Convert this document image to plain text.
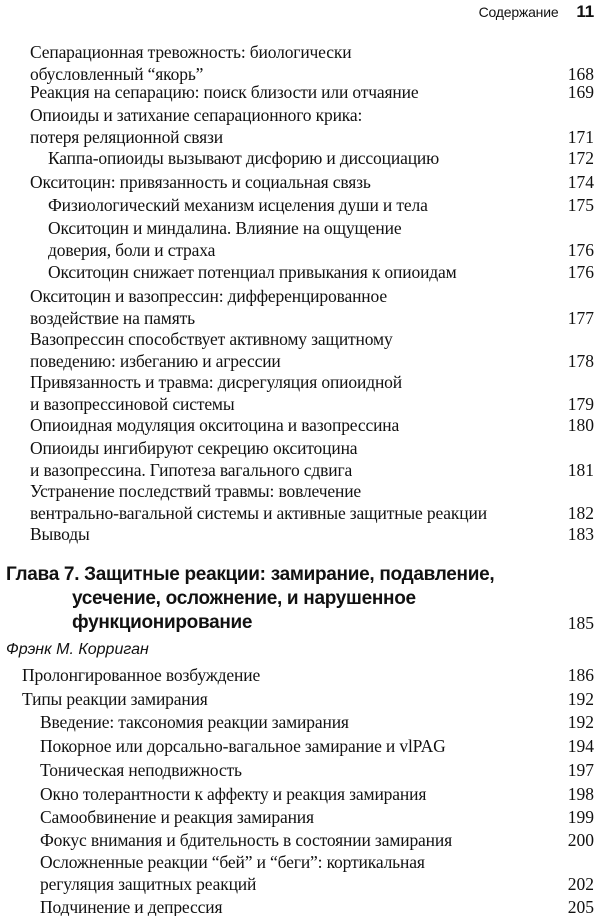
Содержание 11
Сепарационная тревожность: биологически
обусловленный “якорь”	168
Реакция на сепарацию: поиск близости или отчаяние	169
Опиоиды и затихание сепарационного крика:
потеря реляционной связи	171
Каппа-опиоиды вызывают дисфорию и диссоциацию	172
Окситоцин: привязанность и социальная связь	174
Физиологический механизм исцеления души и тела	175
Окситоцин и миндалина. Влияние на ощущение
доверия, боли и страха	176
Окситоцин снижает потенциал привыкания к опиоидам	176
Окситоцин и вазопрессин: дифференцированное
воздействие на память	177
Вазопрессин способствует активному защитному
поведению: избеганию и агрессии	178
Привязанность и травма: дисрегуляция опиоидной
и вазопрессиновой системы	179
Опиоидная модуляция окситоцина и вазопрессина	180
Опиоиды ингибируют секрецию окситоцина
и вазопрессина. Гипотеза вагального сдвига	181
Устранение последствий травмы: вовлечение
вентрально-вагальной системы и активные защитные реакции	182
Выводы	183
Глава 7. Защитные реакции: замирание, подавление,
усечение, осложнение, и нарушенное
функционирование	185
Фрэнк М. Корриган
Пролонгированное возбуждение	186
Типы реакции замирания	192
Введение: таксономия реакции замирания	192
Покорное или дорсально-вагальное замирание и vlPAG	194
Тоническая неподвижность	197
Окно толерантности к аффекту и реакция замирания	198
Самообвинение и реакция замирания	199
Фокус внимания и бдительность в состоянии замирания	200
Осложненные реакции “бей” и “беги”: кортикальная
регуляция защитных реакций	202
Подчинение и депрессия	205
